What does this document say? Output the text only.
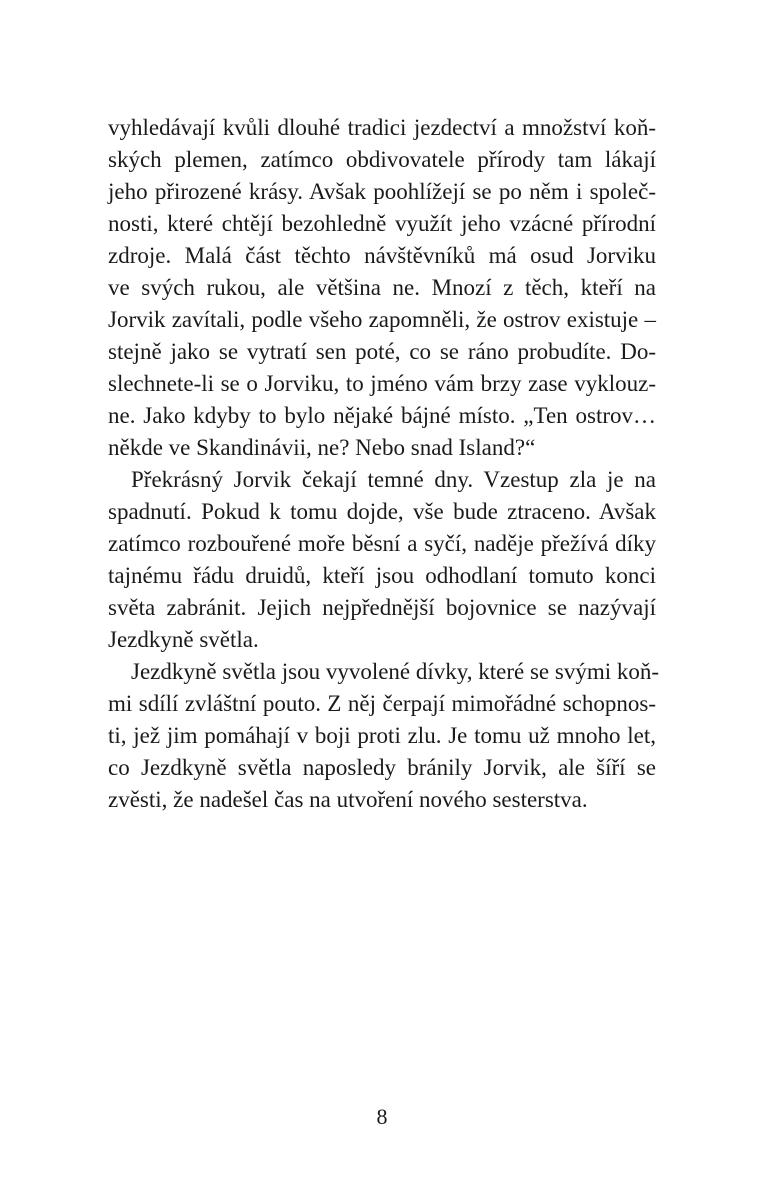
vyhledávají kvůli dlouhé tradici jezdectví a množství koň-
ských plemen, zatímco obdivovatele přírody tam lákají
jeho přirozené krásy. Avšak poohlížejí se po něm i společ-
nosti, které chtějí bezohledně využít jeho vzácné přírodní
zdroje. Malá část těchto návštěvníků má osud Jorviku
ve svých rukou, ale většina ne. Mnozí z těch, kteří na
Jorvik zavítali, podle všeho zapomněli, že ostrov existuje –
stejně jako se vytratí sen poté, co se ráno probudíte. Do-
slechnete-li se o Jorviku, to jméno vám brzy zase vyklouz-
ne. Jako kdyby to bylo nějaké bájné místo. „Ten ostrov…
někde ve Skandinávii, ne? Nebo snad Island?“
Překrásný Jorvik čekají temné dny. Vzestup zla je na
spadnutí. Pokud k tomu dojde, vše bude ztraceno. Avšak
zatímco rozbouřené moře běsní a syčí, naděje přežívá díky
tajnému řádu druidů, kteří jsou odhodlaní tomuto konci
světa zabránit. Jejich nejpřednější bojovnice se nazývají
Jezdkyně světla.
Jezdkyně světla jsou vyvolené dívky, které se svými koň-
mi sdílí zvláštní pouto. Z něj čerpají mimořádné schopnos-
ti, jež jim pomáhají v boji proti zlu. Je tomu už mnoho let,
co Jezdkyně světla naposledy bránily Jorvik, ale šíří se
zvěsti, že nadešel čas na utvoření nového sesterstva.
8
